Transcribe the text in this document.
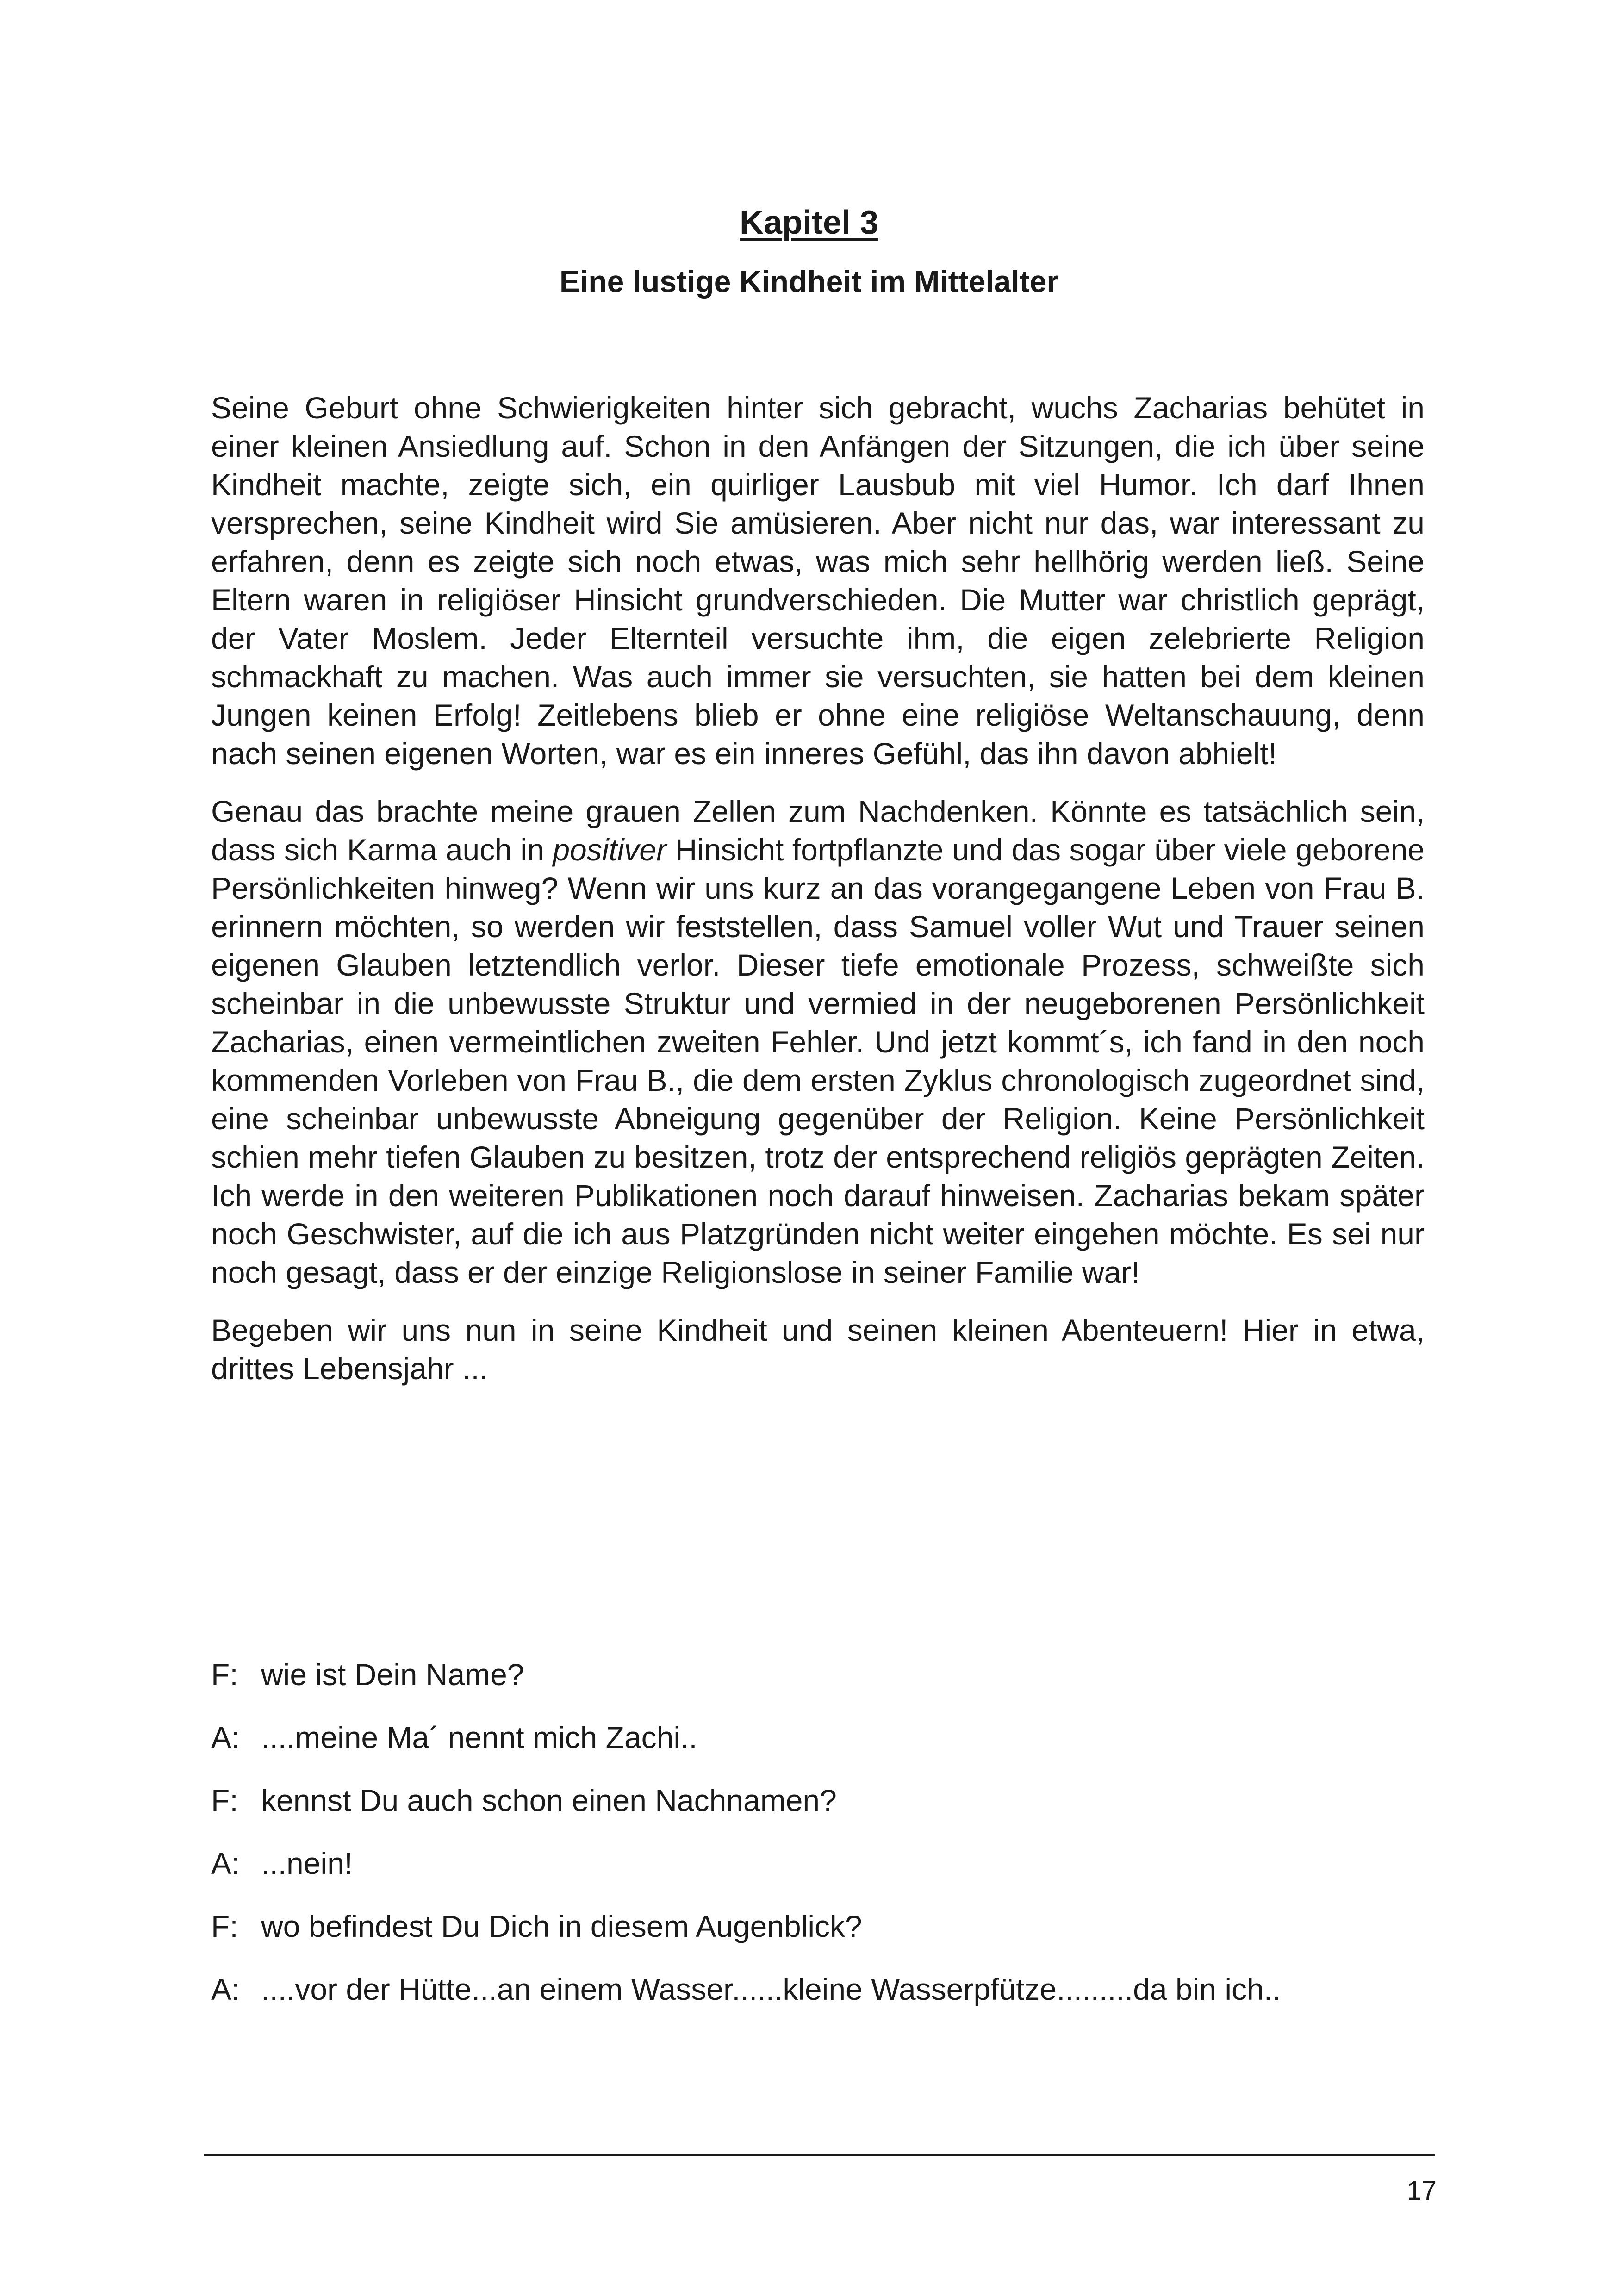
Kapitel 3
Eine lustige Kindheit im Mittelalter

Seine Geburt ohne Schwierigkeiten hinter sich gebracht, wuchs Zacharias behütet in einer kleinen Ansiedlung auf. Schon in den Anfängen der Sitzungen, die ich über seine Kindheit machte, zeigte sich, ein quirliger Lausbub mit viel Humor. Ich darf Ihnen versprechen, seine Kindheit wird Sie amüsieren. Aber nicht nur das, war interessant zu erfahren, denn es zeigte sich noch etwas, was mich sehr hellhörig werden ließ. Seine Eltern waren in religiöser Hinsicht grundverschieden. Die Mutter war christlich geprägt, der Vater Moslem. Jeder Elternteil versuchte ihm, die eigen zelebrierte Religion schmackhaft zu machen. Was auch immer sie versuchten, sie hatten bei dem kleinen Jungen keinen Erfolg! Zeitlebens blieb er ohne eine religiöse Weltanschauung, denn nach seinen eigenen Worten, war es ein inneres Gefühl, das ihn davon abhielt!

Genau das brachte meine grauen Zellen zum Nachdenken. Könnte es tatsächlich sein, dass sich Karma auch in positiver Hinsicht fortpflanzte und das sogar über viele geborene Persönlichkeiten hinweg? Wenn wir uns kurz an das vorangegangene Leben von Frau B. erinnern möchten, so werden wir feststellen, dass Samuel voller Wut und Trauer seinen eigenen Glauben letztendlich verlor. Dieser tiefe emotionale Prozess, schweißte sich scheinbar in die unbewusste Struktur und vermied in der neugeborenen Persönlichkeit Zacharias, einen vermeintlichen zweiten Fehler. Und jetzt kommt´s, ich fand in den noch kommenden Vorleben von Frau B., die dem ersten Zyklus chronologisch zugeordnet sind, eine scheinbar unbewusste Abneigung gegenüber der Religion. Keine Persönlichkeit schien mehr tiefen Glauben zu besitzen, trotz der entsprechend religiös geprägten Zeiten. Ich werde in den weiteren Publikationen noch darauf hinweisen. Zacharias bekam später noch Geschwister, auf die ich aus Platzgründen nicht weiter eingehen möchte. Es sei nur noch gesagt, dass er der einzige Religionslose in seiner Familie war!

Begeben wir uns nun in seine Kindheit und seinen kleinen Abenteuern! Hier in etwa, drittes Lebensjahr ...

F: wie ist Dein Name?
A: ....meine Ma´ nennt mich Zachi..
F: kennst Du auch schon einen Nachnamen?
A: ...nein!
F: wo befindest Du Dich in diesem Augenblick?
A: ....vor der Hütte...an einem Wasser......kleine Wasserpfütze.........da bin ich..
17
